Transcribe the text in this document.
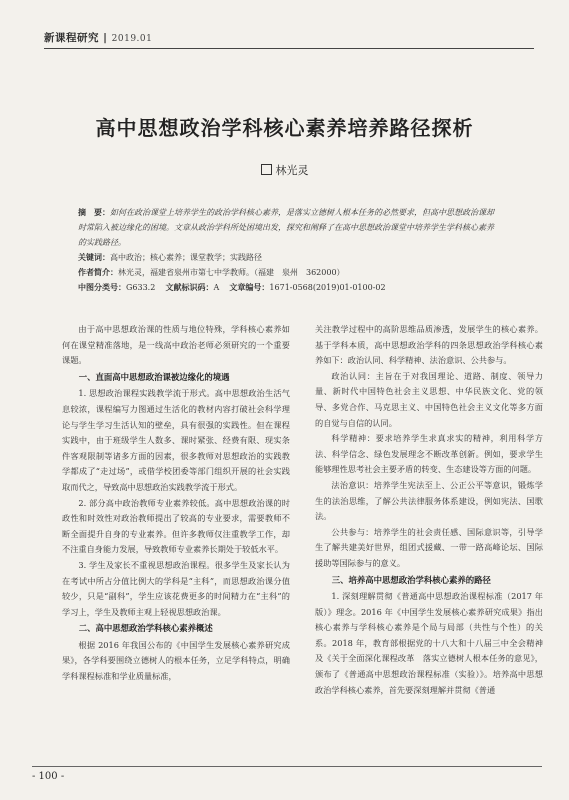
新课程研究 | 2019.01
高中思想政治学科核心素养培养路径探析
林光灵

摘　要：如何在政治课堂上培养学生的政治学科核心素养，是落实立德树人根本任务的必然要求，但高中思想政治课却时常陷入被边缘化的困境。文章从政治学科所处困境出发，探究和阐释了在高中思想政治课堂中培养学生学科核心素养的实践路径。

关键词：高中政治；核心素养；课堂教学；实践路径

作者简介：林光灵，福建省泉州市第七中学教师。（福建　泉州　362000）

中图分类号：G633.2 文献标识码：A 文章编号：1671-0568(2019)01-0100-02

由于高中思想政治课的性质与地位特殊，学科核心素养如何在课堂精准落地，是一线高中政治老师必须研究的一个重要课题。

一、直面高中思想政治课被边缘化的境遇

1. 思想政治课程实践教学流于形式。高中思想政治生活气息较浓，课程编写力图通过生活化的教材内容打破社会科学理论与学生学习生活认知的壁垒，具有很强的实践性。但在课程实践中，由于班级学生人数多、课时紧张、经费有限、现实条件客观限制等诸多方面的因素，很多教师对思想政治的实践教学都成了“走过场”，或借学校团委等部门组织开展的社会实践取而代之，导致高中思想政治实践教学流于形式。

2. 部分高中政治教师专业素养较低。高中思想政治课的时政性和时效性对政治教师提出了较高的专业要求，需要教师不断全面提升自身的专业素养。但许多教师仅注重教学工作，却不注重自身能力发展，导致教师专业素养长期处于较低水平。

3. 学生及家长不重视思想政治课程。很多学生及家长认为在考试中所占分值比例大的学科是“主科”，而思想政治课分值较少，只是“副科”，学生应该花费更多的时间精力在“主科”的学习上，学生及教师主观上轻视思想政治课。

二、高中思想政治学科核心素养概述

根据 2016 年我国公布的《中国学生发展核心素养研究成果》，各学科要围绕立德树人的根本任务，立足学科特点，明确学科课程标准和学业质量标准，

关注教学过程中的高阶思维品质渗透，发展学生的核心素养。基于学科本质，高中思想政治学科的四条思想政治学科核心素养如下：政治认同、科学精神、法治意识、公共参与。

政治认同：主旨在于对我国理论、道路、制度、领导力量、新时代中国特色社会主义思想、中华民族文化、党的领导、多党合作、马克思主义、中国特色社会主义文化等多方面的自觉与自信的认同。

科学精神：要求培养学生求真求实的精神，利用科学方法、科学信念、绿色发展理念不断改革创新。例如，要求学生能够理性思考社会主要矛盾的转变、生态建设等方面的问题。

法治意识：培养学生宪法至上、公正公平等意识，锻炼学生的法治思维，了解公共法律服务体系建设，例如宪法、国歌法。

公共参与：培养学生的社会责任感、国际意识等，引导学生了解共建美好世界，组团式援藏、一带一路高峰论坛、国际援助等国际参与的意义。

三、培养高中思想政治学科核心素养的路径

1. 深刻理解贯彻《普通高中思想政治课程标准（2017 年版）》理念。2016 年《中国学生发展核心素养研究成果》指出核心素养与学科核心素养是个局与局部（共性与个性）的关系。2018 年，教育部根据党的十八大和十八届三中全会精神及《关于全面深化课程改革　落实立德树人根本任务的意见》，颁布了《普通高中思想政治课程标准（实验）》。培养高中思想政治学科核心素养，首先要深刻理解并贯彻《普通

- 100 -
